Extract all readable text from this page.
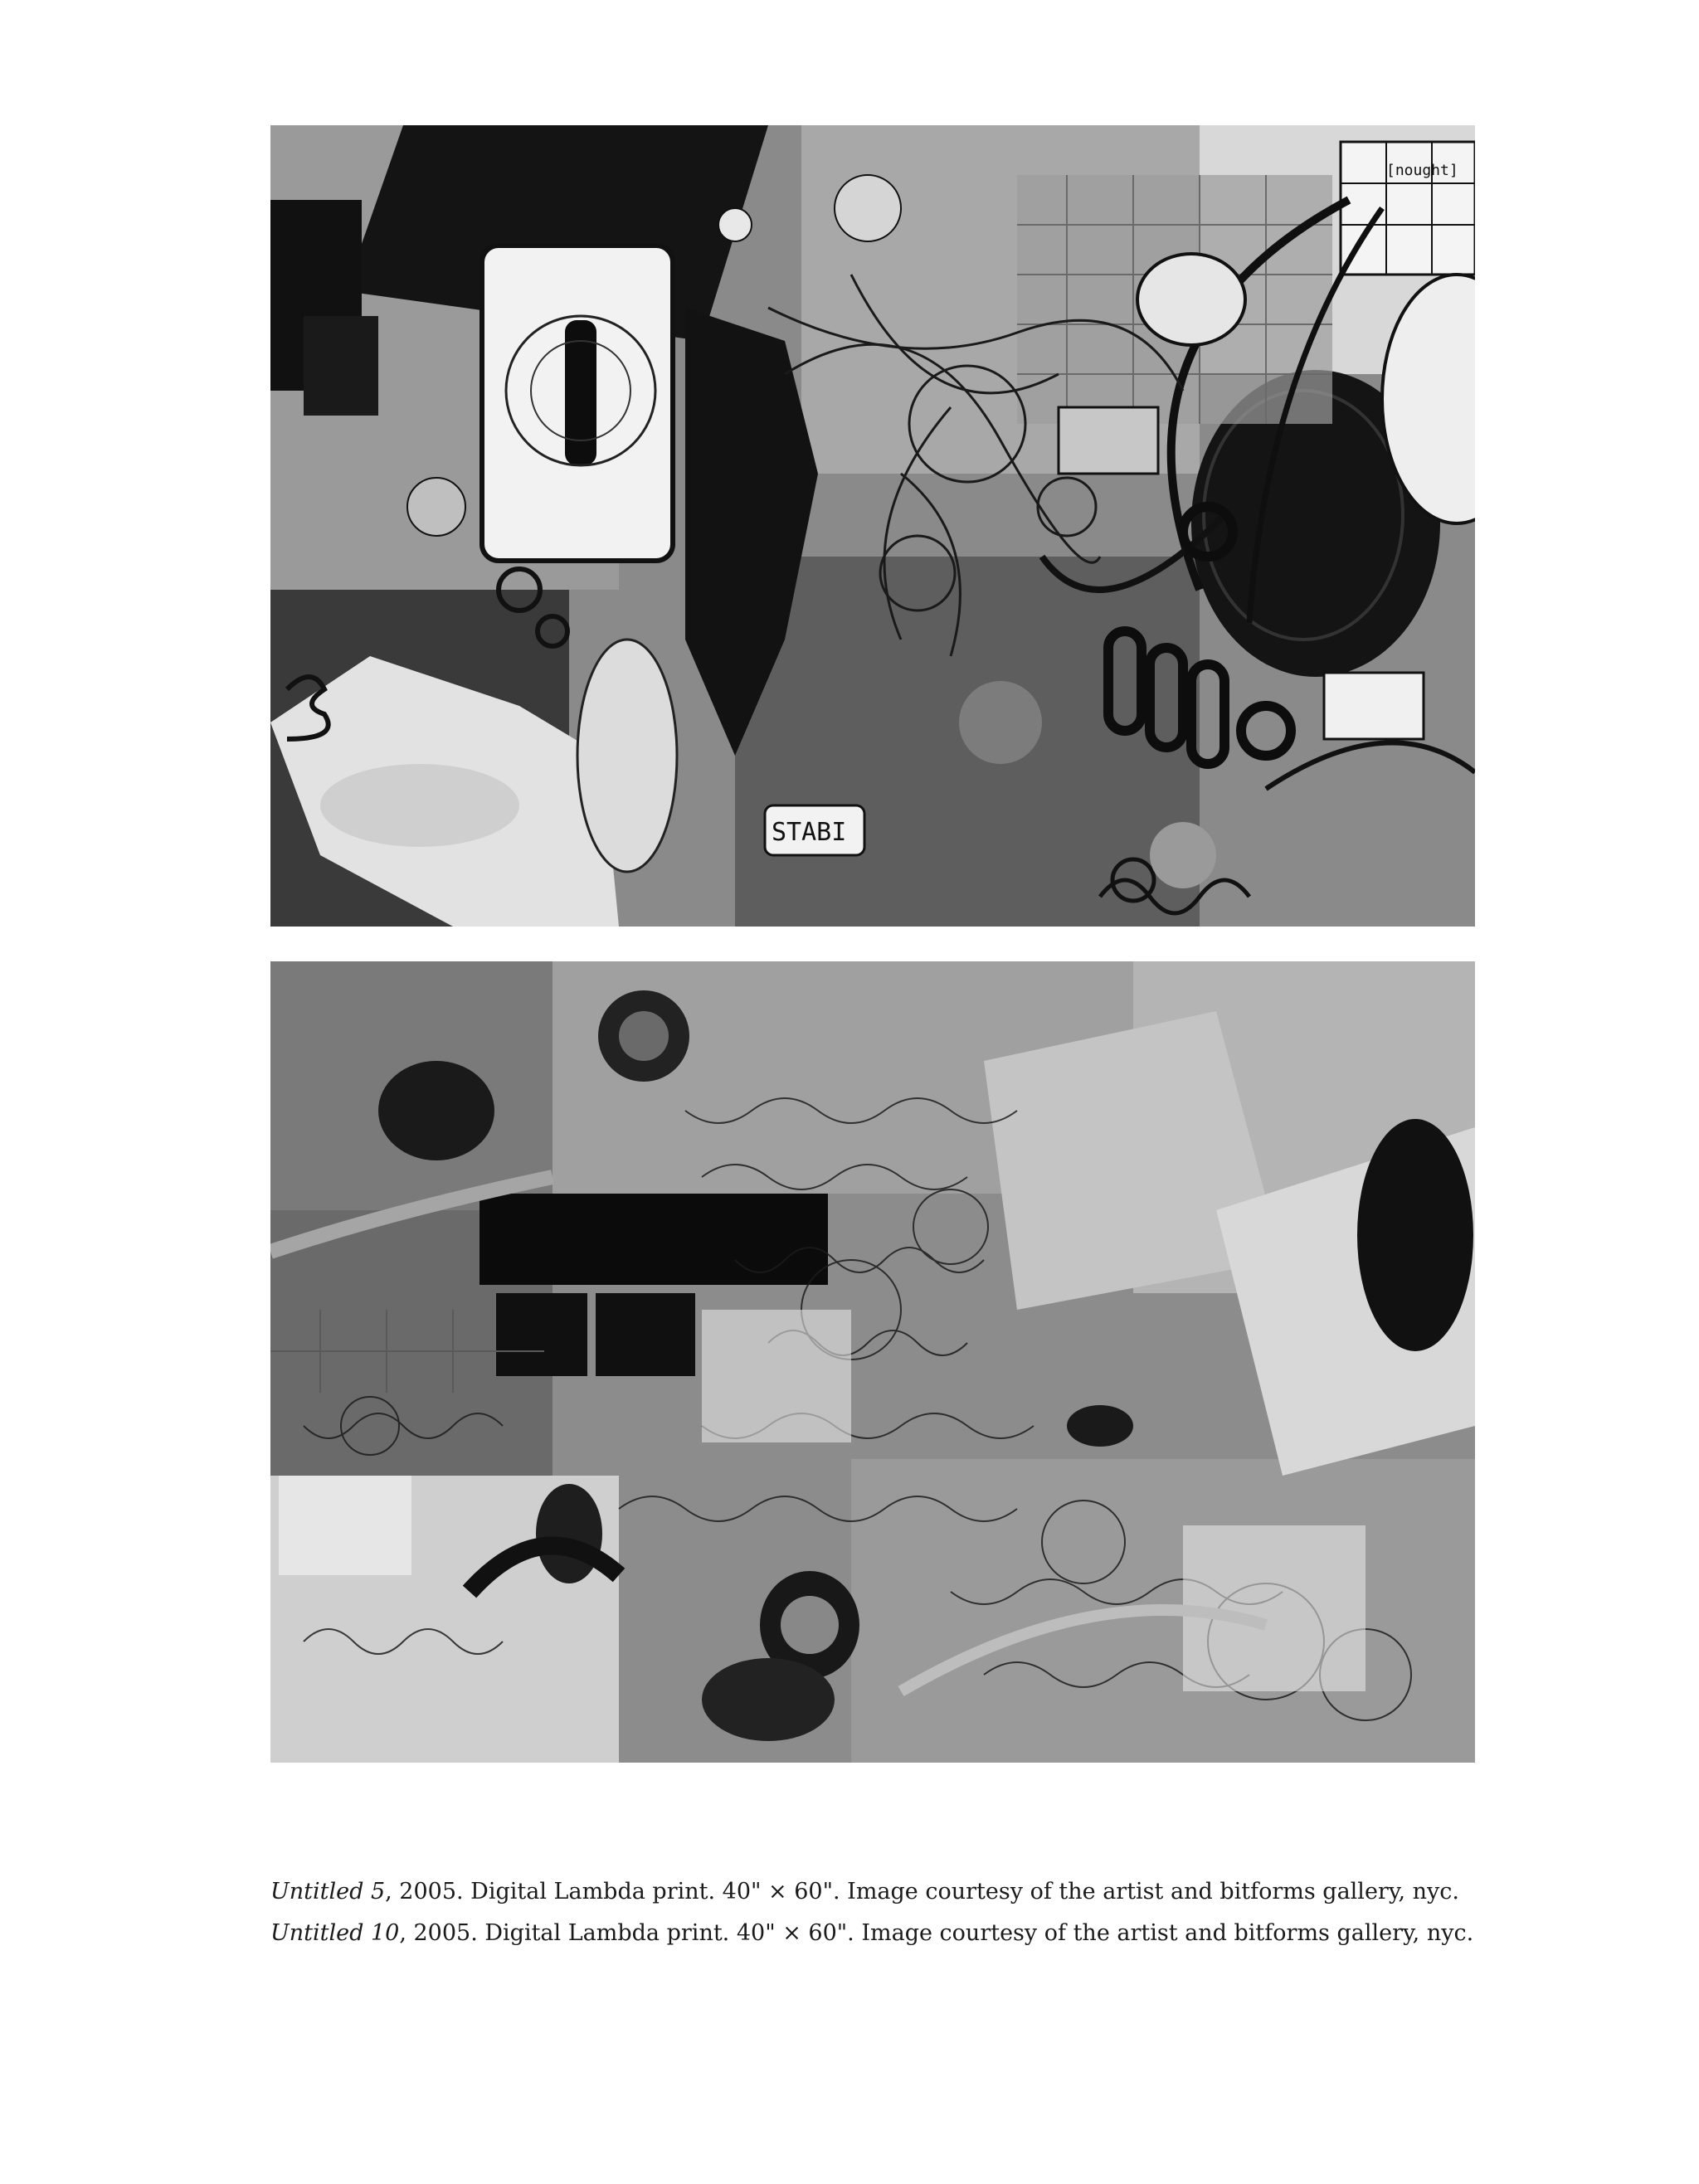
STABI
[nought]
Untitled 5, 2005. Digital Lambda print. 40" × 60". Image courtesy of the artist and bitforms gallery, nyc.
Untitled 10, 2005. Digital Lambda print. 40" × 60". Image courtesy of the artist and bitforms gallery, nyc.
